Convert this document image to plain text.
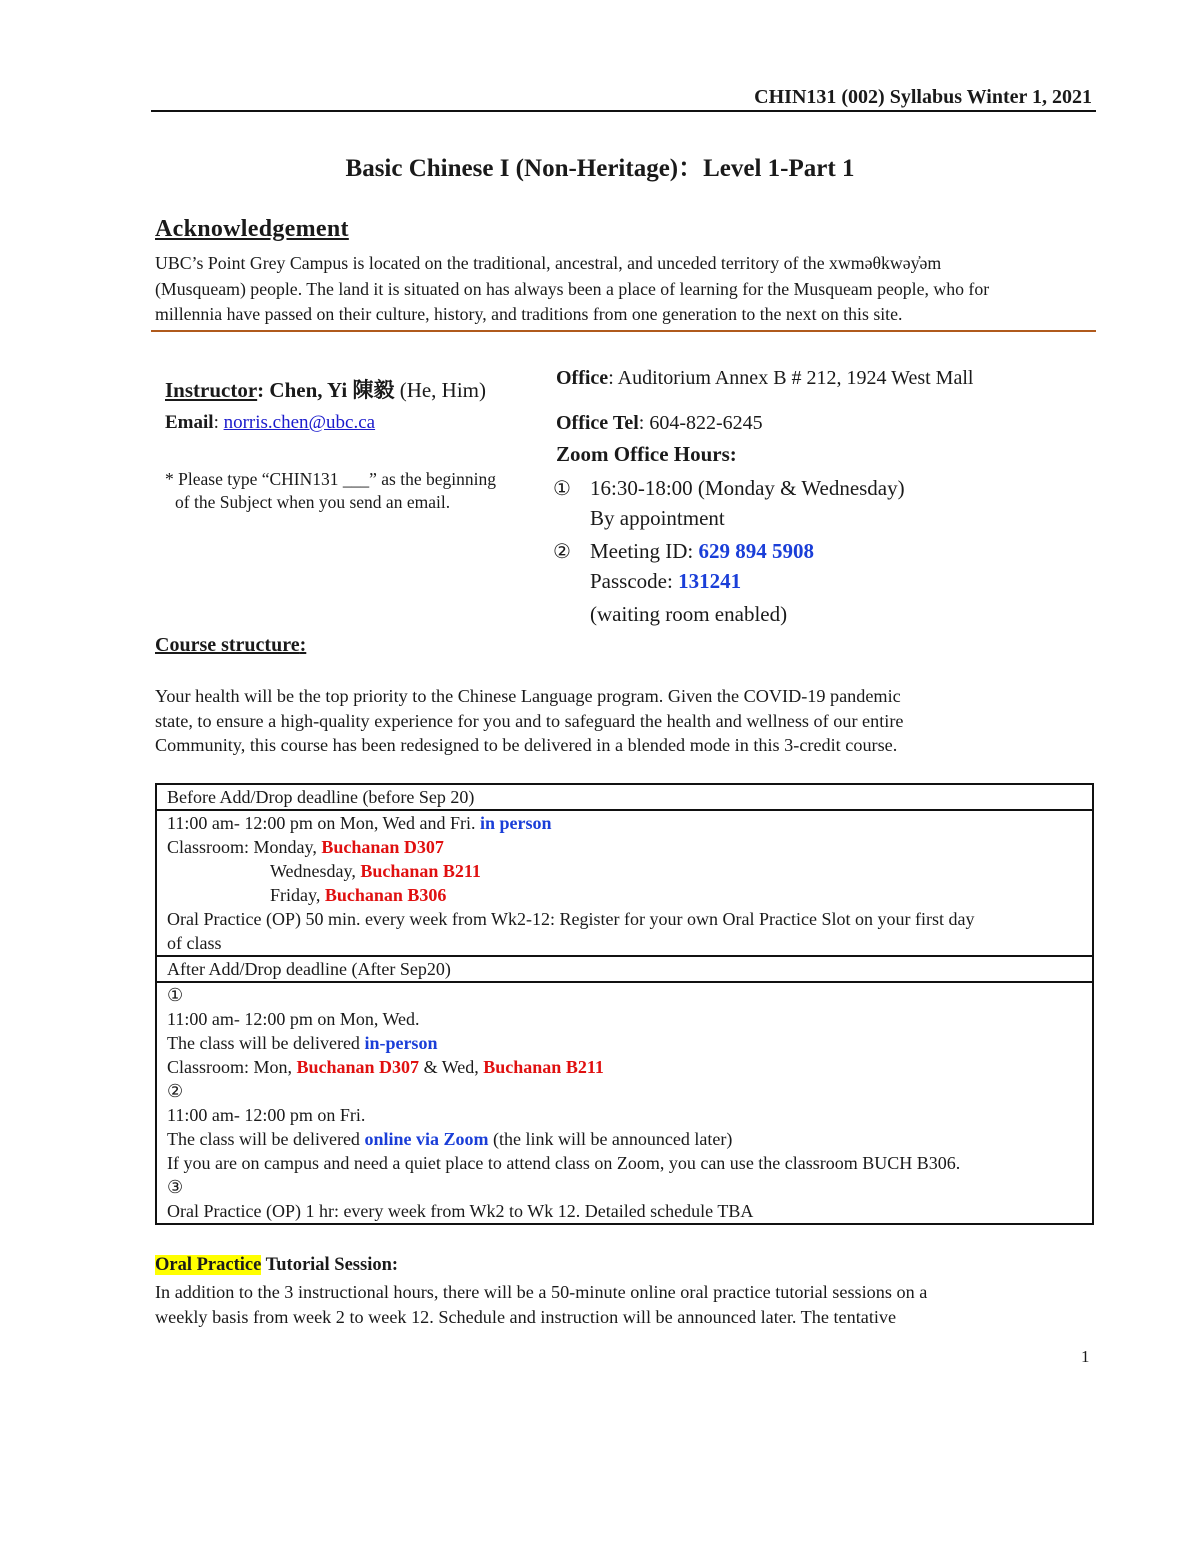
CHIN131 (002) Syllabus Winter 1, 2021
Basic Chinese I (Non-Heritage)：Level 1-Part 1
Acknowledgement
UBC’s Point Grey Campus is located on the traditional, ancestral, and unceded territory of the xwməθkwəy̓əm
(Musqueam) people. The land it is situated on has always been a place of learning for the Musqueam people, who for
millennia have passed on their culture, history, and traditions from one generation to the next on this site.
Instructor: Chen, Yi 陳毅 (He, Him)
Email: norris.chen@ubc.ca
* Please type “CHIN131 ___” as the beginning
of the Subject when you send an email.
Office: Auditorium Annex B # 212, 1924 West Mall
Office Tel: 604-822-6245
Zoom Office Hours:
① 16:30-18:00 (Monday & Wednesday)
By appointment
② Meeting ID: 629 894 5908
Passcode: 131241
(waiting room enabled)
Course structure:
Your health will be the top priority to the Chinese Language program. Given the COVID-19 pandemic
state, to ensure a high-quality experience for you and to safeguard the health and wellness of our entire
Community, this course has been redesigned to be delivered in a blended mode in this 3-credit course.
Before Add/Drop deadline (before Sep 20)

11:00 am- 12:00 pm on Mon, Wed and Fri. in person
Classroom: Monday, Buchanan D307
Wednesday, Buchanan B211
Friday, Buchanan B306
Oral Practice (OP) 50 min. every week from Wk2-12: Register for your own Oral Practice Slot on your first day
of class

After Add/Drop deadline (After Sep20)

①
11:00 am- 12:00 pm on Mon, Wed.
The class will be delivered in-person
Classroom: Mon, Buchanan D307 & Wed, Buchanan B211
②
11:00 am- 12:00 pm on Fri.
The class will be delivered online via Zoom (the link will be announced later)
If you are on campus and need a quiet place to attend class on Zoom, you can use the classroom BUCH B306.
③
Oral Practice (OP) 1 hr: every week from Wk2 to Wk 12. Detailed schedule TBA
Oral Practice Tutorial Session:
In addition to the 3 instructional hours, there will be a 50-minute online oral practice tutorial sessions on a
weekly basis from week 2 to week 12. Schedule and instruction will be announced later. The tentative
1
